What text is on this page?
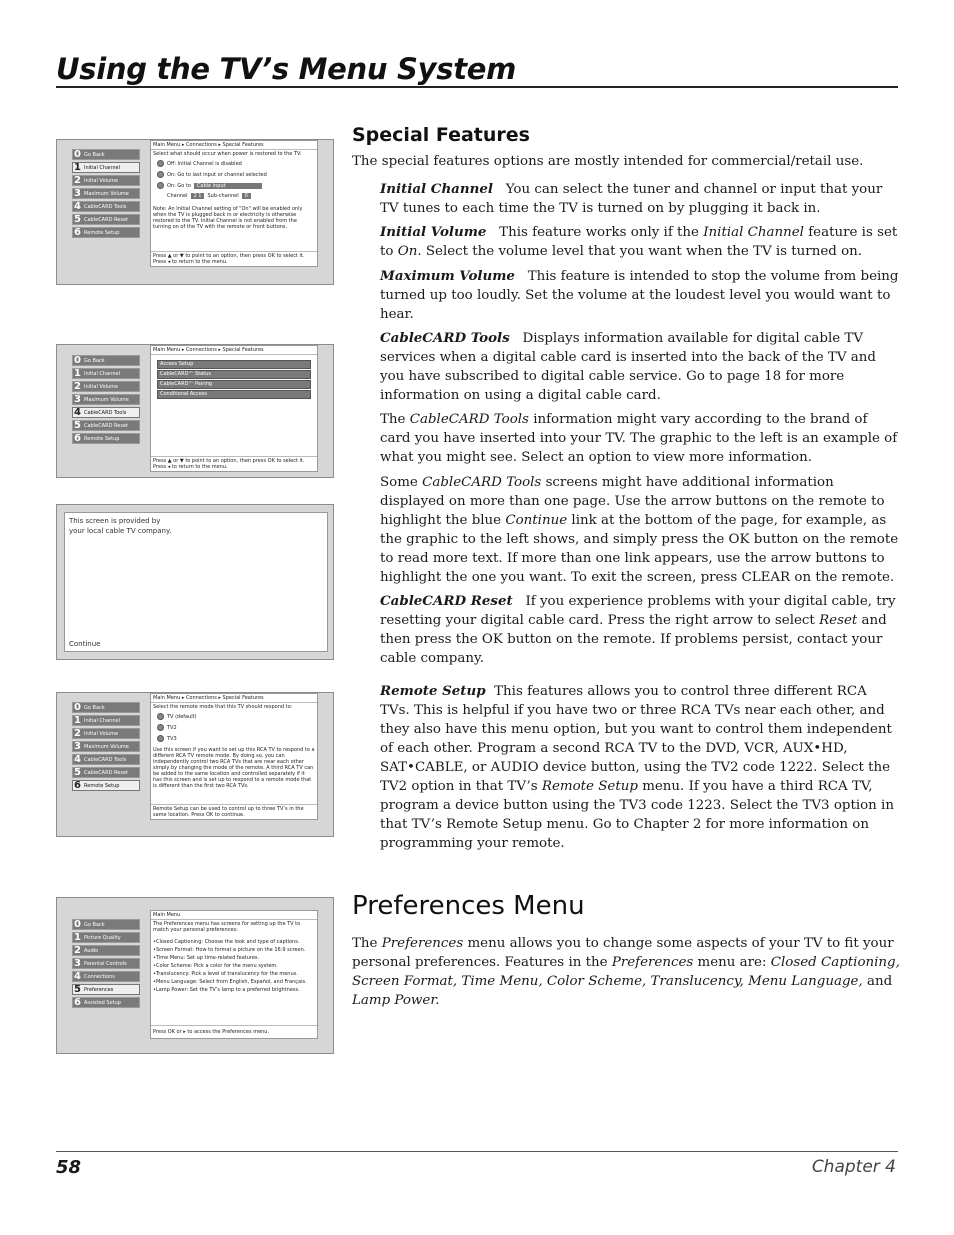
Using the TV’s Menu System
0 Go Back
1 Initial Channel
2 Initial Volume
3 Maximum Volume
4 CableCARD Tools
5 CableCARD Reset
6 Remote Setup
Main Menu ▸ Connections ▸ Special Features
Select what should occur when power is restored to the TV:
Off: Initial Channel is disabled
On: Go to last input or channel selected
On: Go to	Cable input
Channel	2 1	Sub-channel	0
Note: An Initial Channel setting of "On" will be enabled only when the TV is plugged back in or electricity is otherwise restored to the TV. Initial Channel is not enabled from the turning on of the TV with the remote or front buttons.
Press ▲ or ▼ to point to an option, then press OK to select it. Press ◂ to return to the menu.
0 Go Back
1 Initial Channel
2 Initial Volume
3 Maximum Volume
4 CableCARD Tools
5 CableCARD Reset
6 Remote Setup
Main Menu ▸ Connections ▸ Special Features
Access Setup
CableCARD™ Status
CableCARD™ Pairing
Conditional Access
Press ▲ or ▼ to point to an option, then press OK to select it. Press ◂ to return to the menu.
This screen is provided by
your local cable TV company.
Continue
0 Go Back
1 Initial Channel
2 Initial Volume
3 Maximum Volume
4 CableCARD Tools
5 CableCARD Reset
6 Remote Setup
Main Menu ▸ Connections ▸ Special Features
Select the remote mode that this TV should respond to:
TV (default)
TV2
TV3
Use this screen if you want to set up this RCA TV to respond to a different RCA TV remote mode. By doing so, you can independently control two RCA TVs that are near each other simply by changing the mode of the remote. A third RCA TV can be added to the same location and controlled separately if it has this screen and is set up to respond to a remote mode that is different than the first two RCA TVs.
Remote Setup can be used to control up to three TV’s in the same location. Press OK to continue.
0 Go Back
1 Picture Quality
2 Audio
3 Parental Controls
4 Connections
5 Preferences
6 Assisted Setup
Main Menu
The Preferences menu has screens for setting up the TV to match your personal preferences:
•Closed Captioning: Choose the look and type of captions.
•Screen Format: How to format a picture on the 16:9 screen.
•Time Menu: Set up time-related features.
•Color Scheme: Pick a color for the menu system.
•Translucency: Pick a level of translucency for the menus.
•Menu Language: Select from English, Español, and Français.
•Lamp Power: Set the TV’s lamp to a preferred brightness.
Press OK or ▸ to access the Preferences menu.
Special Features

The special features options are mostly intended for commercial/retail use.

Initial Channel You can select the tuner and channel or input that your TV tunes to each time the TV is turned on by plugging it back in.

Initial Volume This feature works only if the Initial Channel feature is set to On. Select the volume level that you want when the TV is turned on.

Maximum Volume This feature is intended to stop the volume from being turned up too loudly. Set the volume at the loudest level you would want to hear.

CableCARD Tools Displays information available for digital cable TV services when a digital cable card is inserted into the back of the TV and you have subscribed to digital cable service. Go to page 18 for more information on using a digital cable card.

The CableCARD Tools information might vary according to the brand of card you have inserted into your TV. The graphic to the left is an example of what you might see. Select an option to view more information.

Some CableCARD Tools screens might have additional information displayed on more than one page. Use the arrow buttons on the remote to highlight the blue Continue link at the bottom of the page, for example, as the graphic to the left shows, and simply press the OK button on the remote to read more text. If more than one link appears, use the arrow buttons to highlight the one you want. To exit the screen, press CLEAR on the remote.

CableCARD Reset If you experience problems with your digital cable, try resetting your digital cable card. Press the right arrow to select Reset and then press the OK button on the remote. If problems persist, contact your cable company.

Remote Setup This features allows you to control three different RCA TVs. This is helpful if you have two or three RCA TVs near each other, and they also have this menu option, but you want to control them independent of each other. Program a second RCA TV to the DVD, VCR, AUX•HD, SAT•CABLE, or AUDIO device button, using the TV2 code 1222. Select the TV2 option in that TV’s Remote Setup menu. If you have a third RCA TV, program a device button using the TV3 code 1223. Select the TV3 option in that TV’s Remote Setup menu. Go to Chapter 2 for more information on programming your remote.

Preferences Menu

The Preferences menu allows you to change some aspects of your TV to fit your personal preferences. Features in the Preferences menu are: Closed Captioning, Screen Format, Time Menu, Color Scheme, Translucency, Menu Language, and Lamp Power.

58	Chapter 4
